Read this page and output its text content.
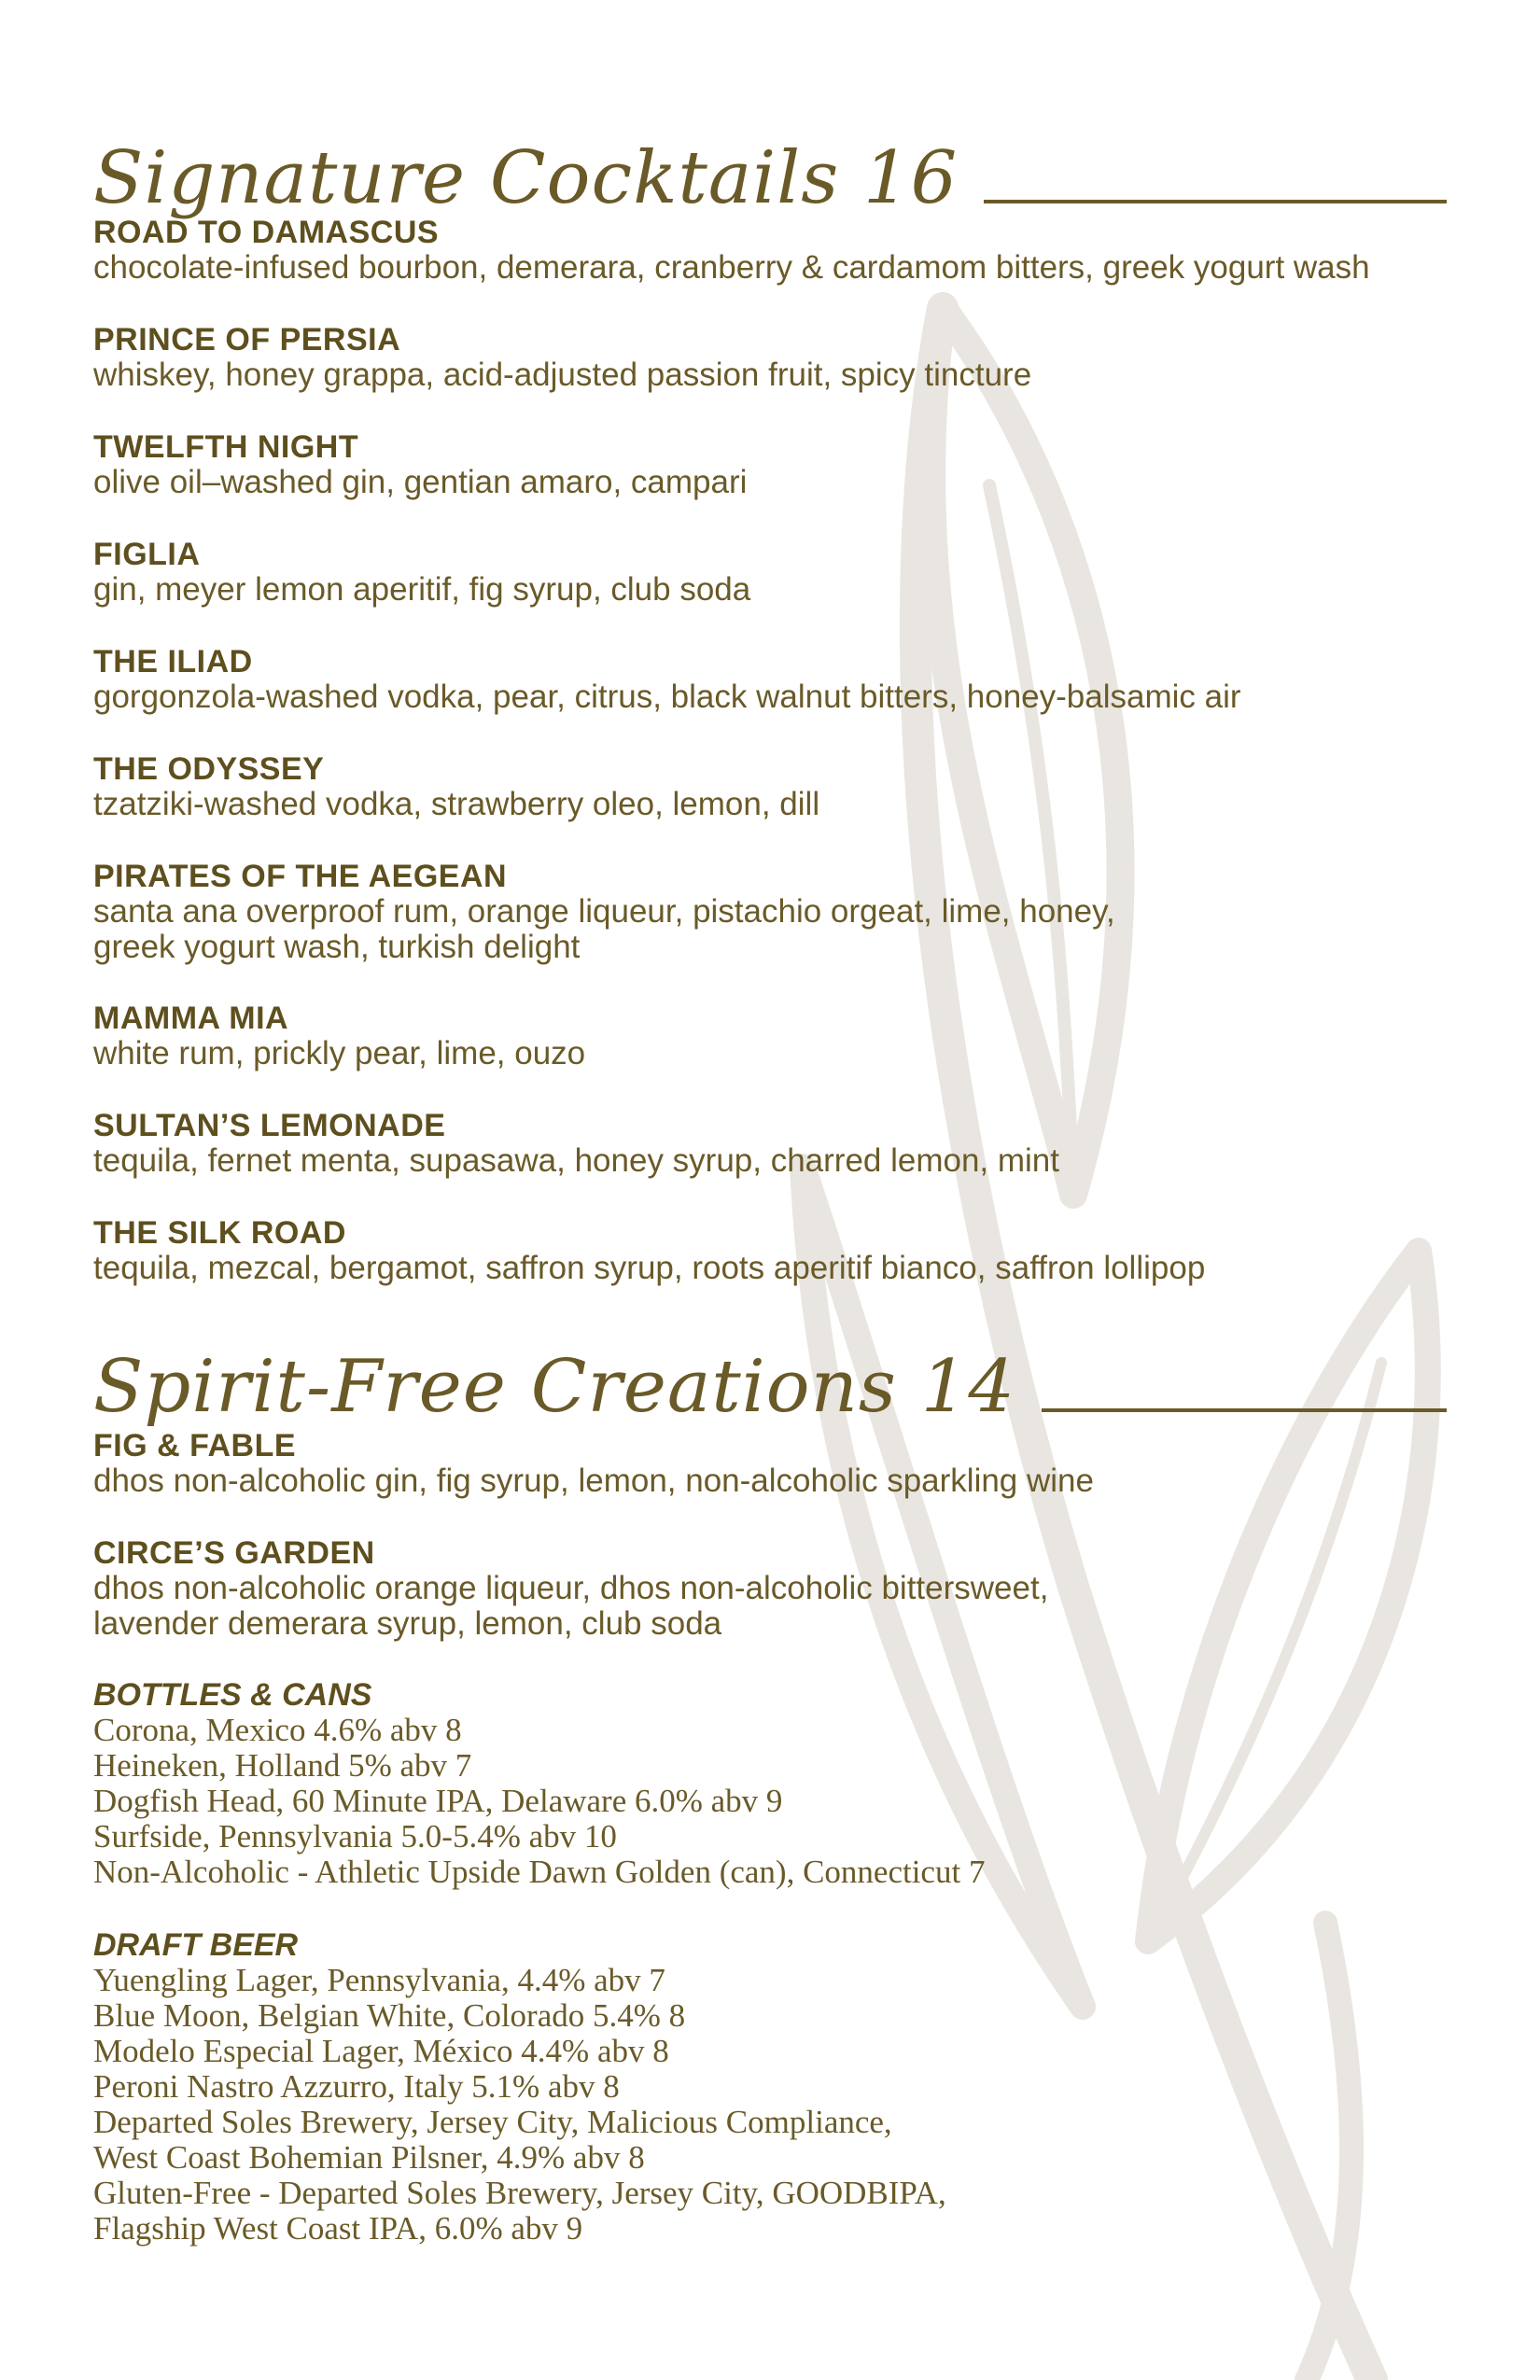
Signature Cocktails 16
ROAD TO DAMASCUS
chocolate-infused bourbon, demerara, cranberry & cardamom bitters, greek yogurt wash
PRINCE OF PERSIA
whiskey, honey grappa, acid-adjusted passion fruit, spicy tincture
TWELFTH NIGHT
olive oil–washed gin, gentian amaro, campari
FIGLIA
gin, meyer lemon aperitif, fig syrup, club soda
THE ILIAD
gorgonzola-washed vodka, pear, citrus, black walnut bitters, honey-balsamic air
THE ODYSSEY
tzatziki-washed vodka, strawberry oleo, lemon, dill
PIRATES OF THE AEGEAN
santa ana overproof rum, orange liqueur, pistachio orgeat, lime, honey,
greek yogurt wash, turkish delight
MAMMA MIA
white rum, prickly pear, lime, ouzo
SULTAN’S LEMONADE
tequila, fernet menta, supasawa, honey syrup, charred lemon, mint
THE SILK ROAD
tequila, mezcal, bergamot, saffron syrup, roots aperitif bianco, saffron lollipop
Spirit-Free Creations 14
FIG & FABLE
dhos non-alcoholic gin, fig syrup, lemon, non-alcoholic sparkling wine
CIRCE’S GARDEN
dhos non-alcoholic orange liqueur, dhos non-alcoholic bittersweet,
lavender demerara syrup, lemon, club soda
BOTTLES & CANS
Corona, Mexico 4.6% abv 8
Heineken, Holland 5% abv 7
Dogfish Head, 60 Minute IPA, Delaware 6.0% abv 9
Surfside, Pennsylvania 5.0-5.4% abv 10
Non-Alcoholic - Athletic Upside Dawn Golden (can), Connecticut 7
DRAFT BEER
Yuengling Lager, Pennsylvania, 4.4% abv 7
Blue Moon, Belgian White, Colorado 5.4% 8
Modelo Especial Lager, México 4.4% abv 8
Peroni Nastro Azzurro, Italy 5.1% abv 8
Departed Soles Brewery, Jersey City, Malicious Compliance,
West Coast Bohemian Pilsner, 4.9% abv 8
Gluten-Free - Departed Soles Brewery, Jersey City, GOODBIPA,
Flagship West Coast IPA, 6.0% abv 9
